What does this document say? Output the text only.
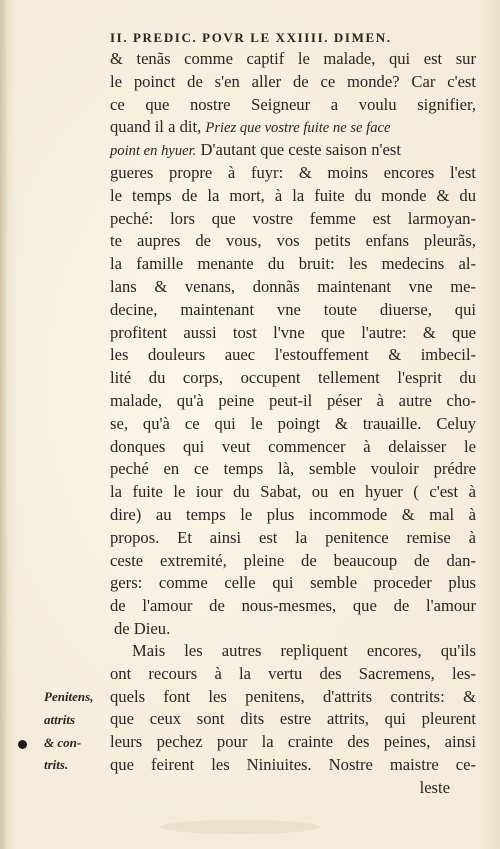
II. PREDIC. POVR LE XXIIII. DIMEN.
& tenãs comme captif le malade, qui est sur
le poinct de s'en aller de ce monde? Car c'est
ce que nostre Seigneur a voulu signifier,
quand il a dit, Priez que vostre fuite ne se face
point en hyuer. D'autant que ceste saison n'est
gueres propre à fuyr: & moins encores l'est
le temps de la mort, à la fuite du monde & du
peché: lors que vostre femme est larmoyan-
te aupres de vous, vos petits enfans pleurãs,
la famille menante du bruit: les medecins al-
lans & venans, donnãs maintenant vne me-
decine, maintenant vne toute diuerse, qui
profitent aussi tost l'vne que l'autre: & que
les douleurs auec l'estouffement & imbecil-
lité du corps, occupent tellement l'esprit du
malade, qu'à peine peut-il péser à autre cho-
se, qu'à ce qui le poingt & trauaille. Celuy
donques qui veut commencer à delaisser le
peché en ce temps là, semble vouloir prédre
la fuite le iour du Sabat, ou en hyuer ( c'est à
dire) au temps le plus incommode & mal à
propos. Et ainsi est la penitence remise à
ceste extremité, pleine de beaucoup de dan-
gers: comme celle qui semble proceder plus
de l'amour de nous-mesmes, que de l'amour
de Dieu.
Mais les autres repliquent encores, qu'ils
ont recours à la vertu des Sacremens, les-
quels font les penitens, d'attrits contrits: &
que ceux sont dits estre attrits, qui pleurent
leurs pechez pour la crainte des peines, ainsi
que feirent les Niniuites. Nostre maistre ce-
leste
Penitens,
attrits
& con-
trits.
